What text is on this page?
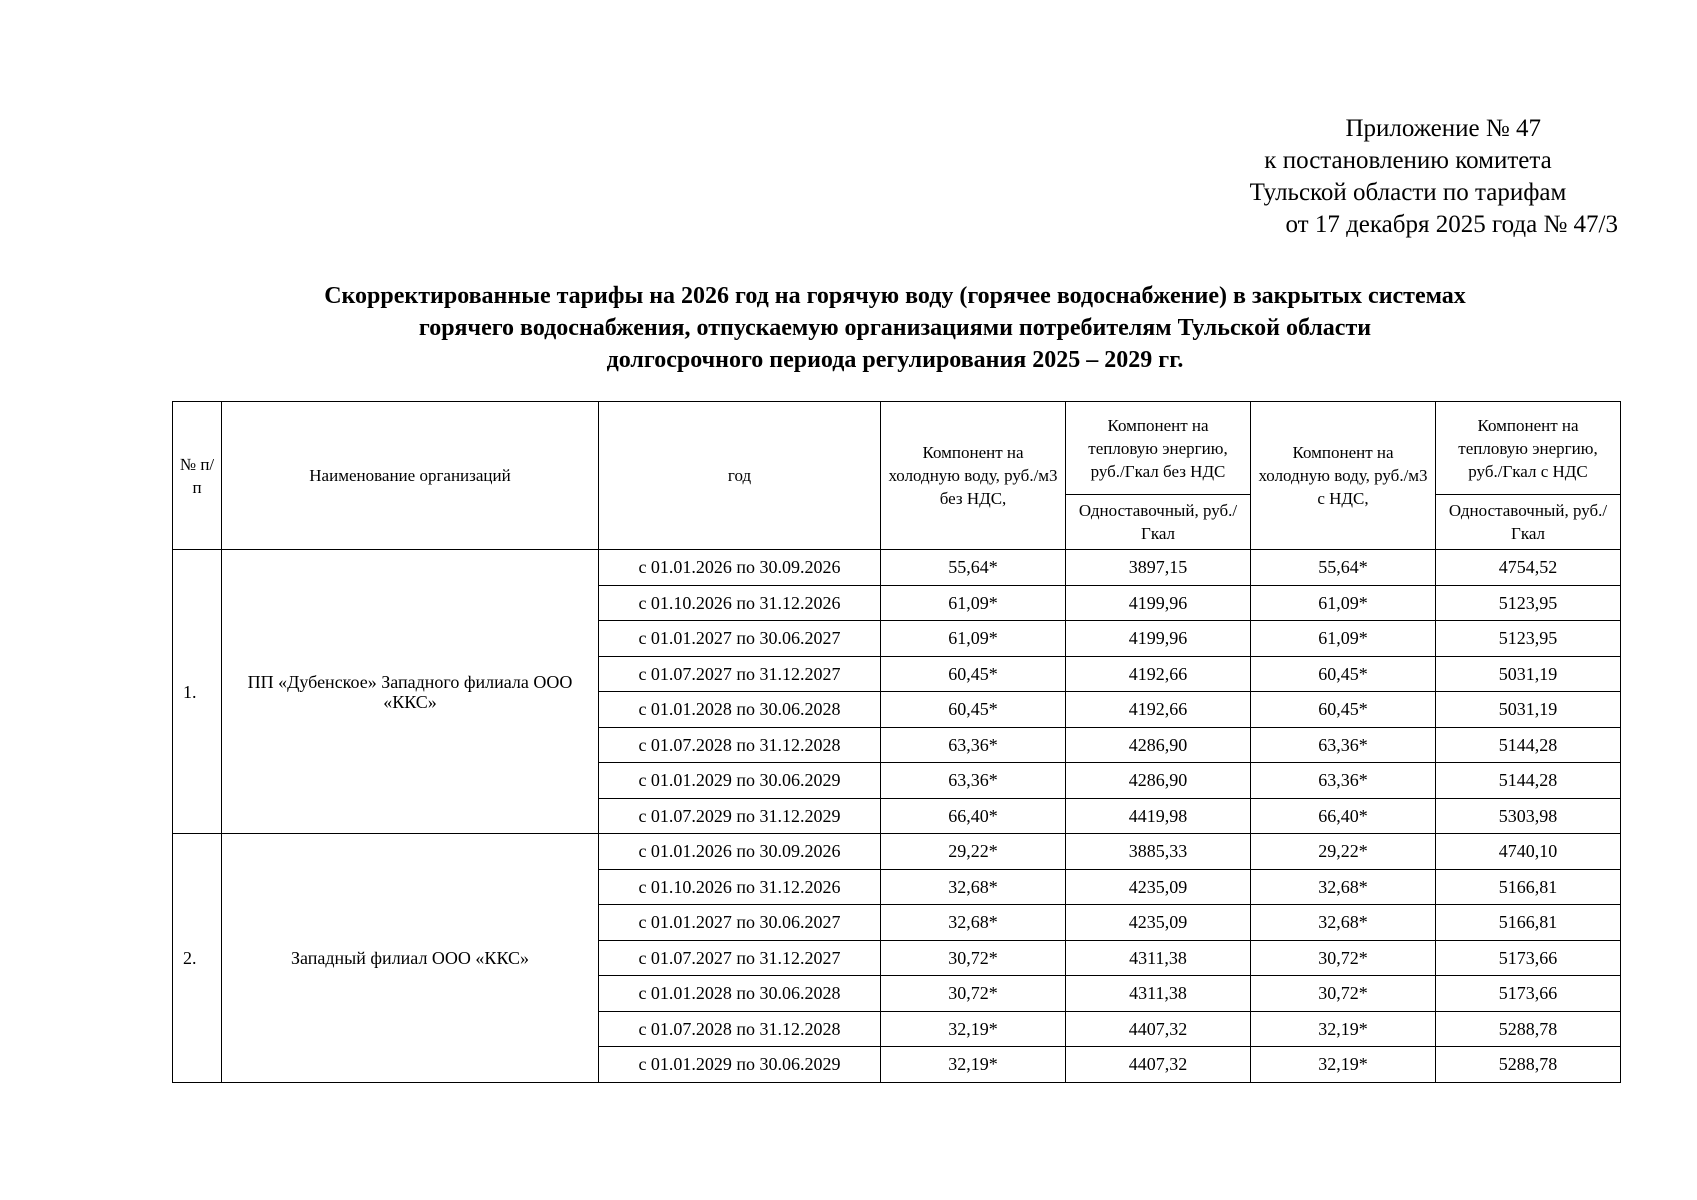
Приложение № 47
к постановлению комитета
Тульской области по тарифам
от 17 декабря 2025 года № 47/3
Скорректированные тарифы на 2026 год на горячую воду (горячее водоснабжение) в закрытых системах
горячего водоснабжения, отпускаемую организациями потребителям Тульской области
долгосрочного периода регулирования 2025 – 2029 гг.
№ п/п	Наименование организаций	год	Компонент на холодную воду, руб./м3 без НДС,	Компонент на тепловую энергию, руб./Гкал без НДС	Компонент на холодную воду, руб./м3 с НДС,	Компонент на тепловую энергию, руб./Гкал с НДС
				Одноставочный, руб./Гкал		Одноставочный, руб./Гкал
1.	ПП «Дубенское» Западного филиала ООО «ККС»	с 01.01.2026 по 30.09.2026	55,64*	3897,15	55,64*	4754,52
		с 01.10.2026 по 31.12.2026	61,09*	4199,96	61,09*	5123,95
		с 01.01.2027 по 30.06.2027	61,09*	4199,96	61,09*	5123,95
		с 01.07.2027 по 31.12.2027	60,45*	4192,66	60,45*	5031,19
		с 01.01.2028 по 30.06.2028	60,45*	4192,66	60,45*	5031,19
		с 01.07.2028 по 31.12.2028	63,36*	4286,90	63,36*	5144,28
		с 01.01.2029 по 30.06.2029	63,36*	4286,90	63,36*	5144,28
		с 01.07.2029 по 31.12.2029	66,40*	4419,98	66,40*	5303,98
2.	Западный филиал ООО «ККС»	с 01.01.2026 по 30.09.2026	29,22*	3885,33	29,22*	4740,10
		с 01.10.2026 по 31.12.2026	32,68*	4235,09	32,68*	5166,81
		с 01.01.2027 по 30.06.2027	32,68*	4235,09	32,68*	5166,81
		с 01.07.2027 по 31.12.2027	30,72*	4311,38	30,72*	5173,66
		с 01.01.2028 по 30.06.2028	30,72*	4311,38	30,72*	5173,66
		с 01.07.2028 по 31.12.2028	32,19*	4407,32	32,19*	5288,78
		с 01.01.2029 по 30.06.2029	32,19*	4407,32	32,19*	5288,78
